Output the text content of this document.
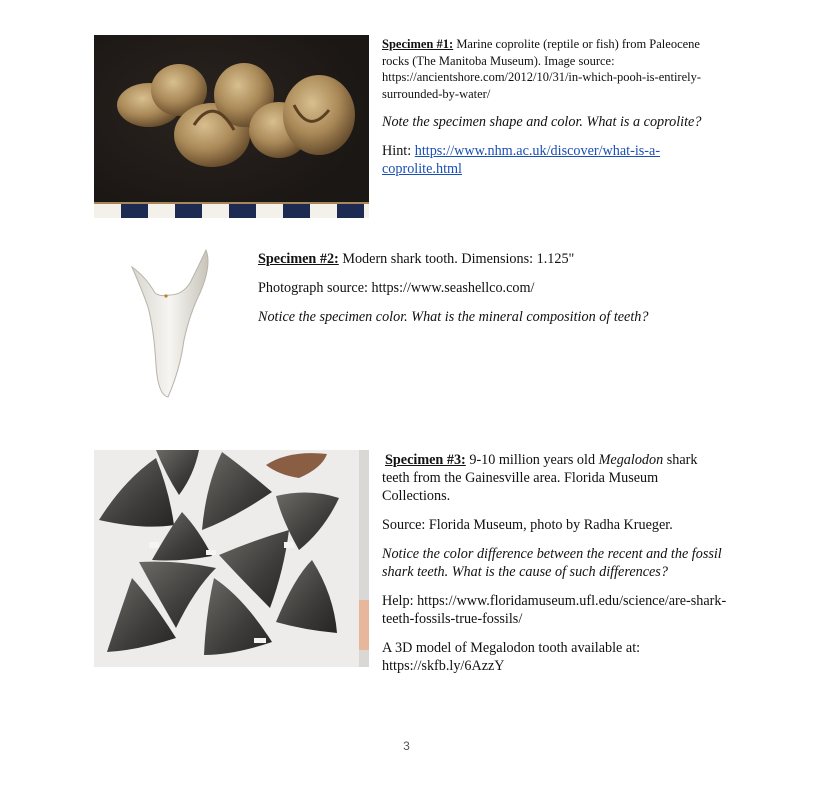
Specimen #1: Marine coprolite (reptile or fish) from Paleocene rocks (The Manitoba Museum). Image source: https://ancientshore.com/2012/10/31/in-which-pooh-is-entirely-surrounded-by-water/

Note the specimen shape and color. What is a coprolite?

Hint: https://www.nhm.ac.uk/discover/what-is-a-coprolite.html

Specimen #2: Modern shark tooth. Dimensions: 1.125"

Photograph source: https://www.seashellco.com/

Notice the specimen color. What is the mineral composition of teeth?

Specimen #3: 9-10 million years old Megalodon shark teeth from the Gainesville area. Florida Museum Collections.

Source: Florida Museum, photo by Radha Krueger.

Notice the color difference between the recent and the fossil shark teeth. What is the cause of such differences?

Help: https://www.floridamuseum.ufl.edu/science/are-shark-teeth-fossils-true-fossils/

A 3D model of Megalodon tooth available at: https://skfb.ly/6AzzY

3
